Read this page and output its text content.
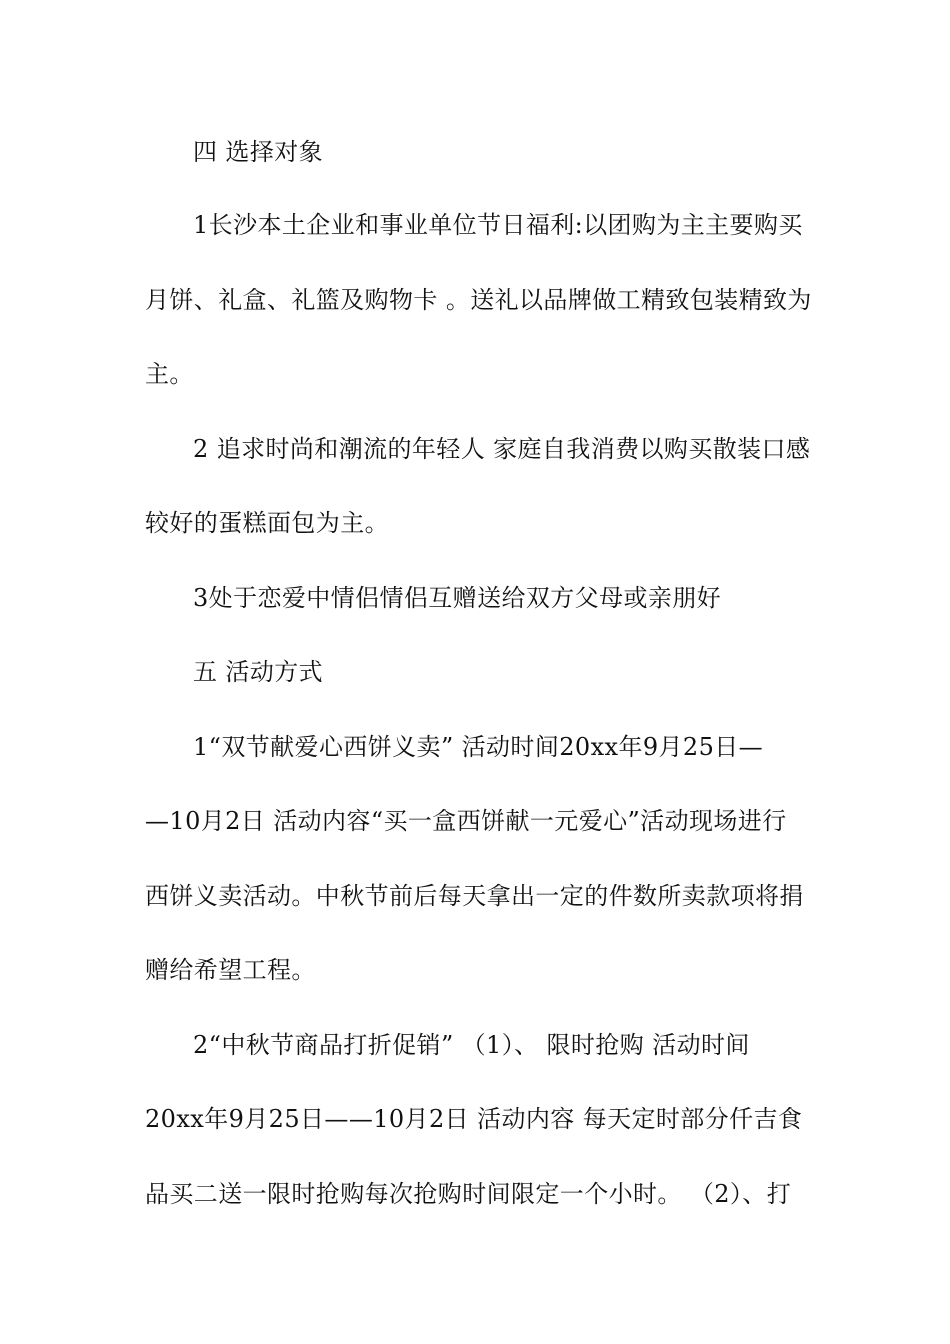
四 选择对象
1长沙本土企业和事业单位节日福利:以团购为主主要购买
月饼、礼盒、礼篮及购物卡 。送礼以品牌做工精致包装精致为
主。
2 追求时尚和潮流的年轻人 家庭自我消费以购买散装口感
较好的蛋糕面包为主。
3处于恋爱中情侣情侣互赠送给双方父母或亲朋好
五 活动方式
1“双节献爱心西饼义卖” 活动时间20xx年9月25日—
—10月2日 活动内容“买一盒西饼献一元爱心”活动现场进行
西饼义卖活动。中秋节前后每天拿出一定的件数所卖款项将捐
赠给希望工程。
2“中秋节商品打折促销” （1）、 限时抢购 活动时间
20xx年9月25日——10月2日 活动内容 每天定时部分仟吉食
品买二送一限时抢购每次抢购时间限定一个小时。 （2）、打
